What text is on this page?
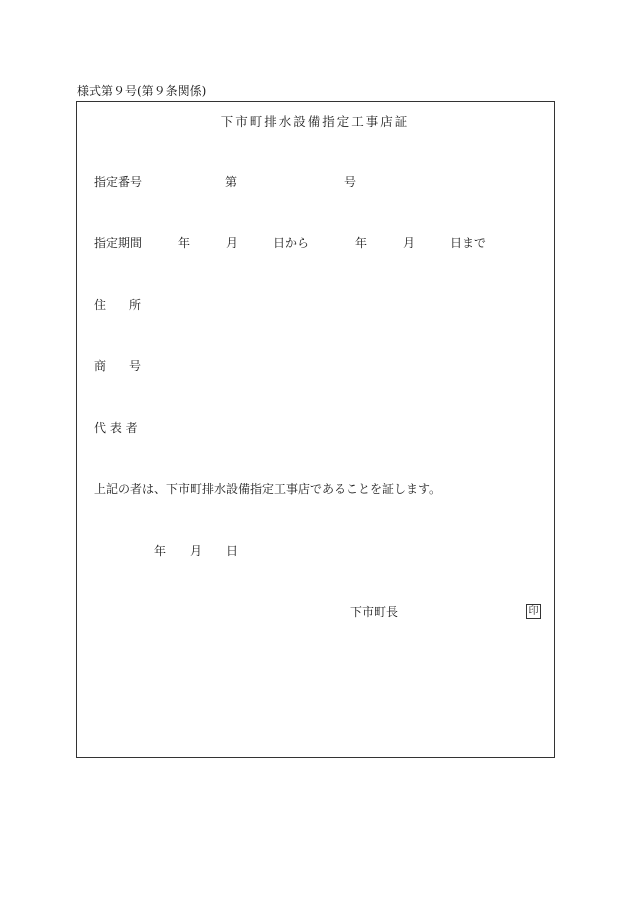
様式第９号(第９条関係)
下市町排水設備指定工事店証
指定番号	第	号
指定期間	年	月	日から	年	月	日まで
住 所
商 号
代 表 者
上記の者は、下市町排水設備指定工事店であることを証します。
年 月 日
下市町長	印
